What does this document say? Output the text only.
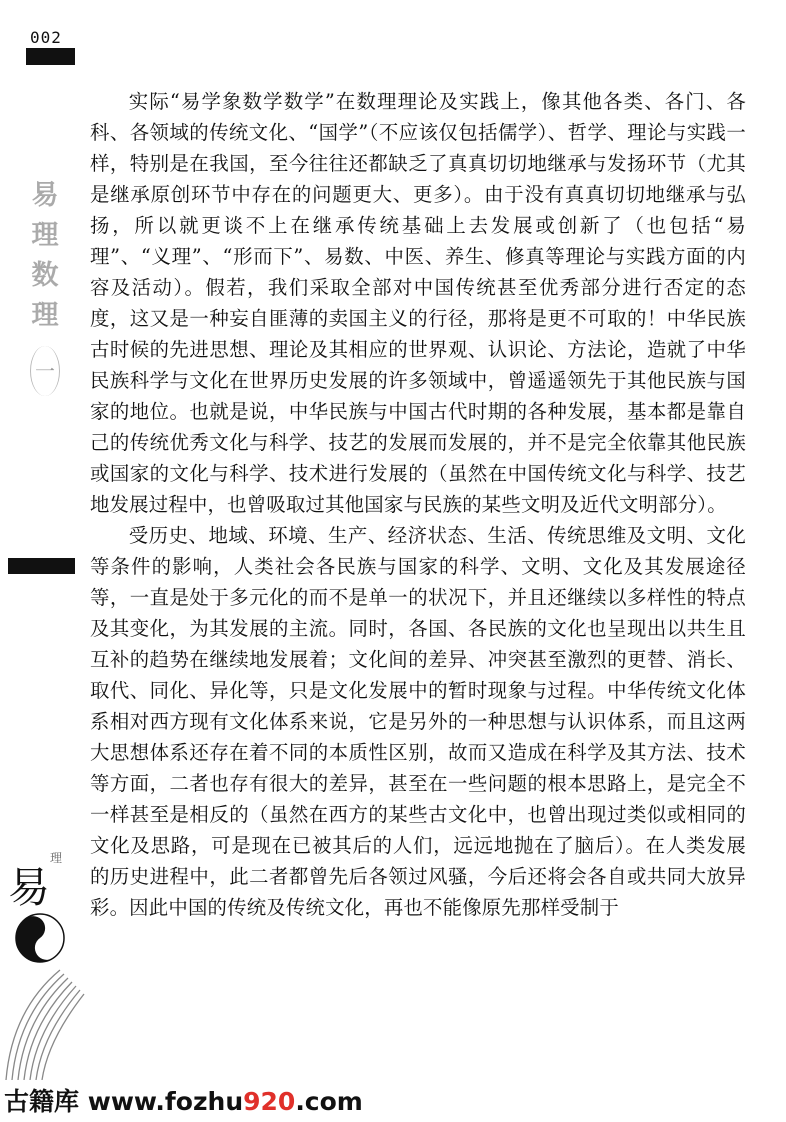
002
易
理
数
理
一

实际“易学象数学数学”在数理理论及实践上，像其他各类、各门、各科、各领域的传统文化、“国学”（不应该仅包括儒学）、哲学、理论与实践一样，特别是在我国，至今往往还都缺乏了真真切切地继承与发扬环节（尤其是继承原创环节中存在的问题更大、更多）。由于没有真真切切地继承与弘扬，所以就更谈不上在继承传统基础上去发展或创新了（也包括“易理”、“义理”、“形而下”、易数、中医、养生、修真等理论与实践方面的内容及活动）。假若，我们采取全部对中国传统甚至优秀部分进行否定的态度，这又是一种妄自匪薄的卖国主义的行径，那将是更不可取的！中华民族古时候的先进思想、理论及其相应的世界观、认识论、方法论，造就了中华民族科学与文化在世界历史发展的许多领域中，曾遥遥领先于其他民族与国家的地位。也就是说，中华民族与中国古代时期的各种发展，基本都是靠自己的传统优秀文化与科学、技艺的发展而发展的，并不是完全依靠其他民族或国家的文化与科学、技术进行发展的（虽然在中国传统文化与科学、技艺地发展过程中，也曾吸取过其他国家与民族的某些文明及近代文明部分）。

受历史、地域、环境、生产、经济状态、生活、传统思维及文明、文化等条件的影响，人类社会各民族与国家的科学、文明、文化及其发展途径等，一直是处于多元化的而不是单一的状况下，并且还继续以多样性的特点及其变化，为其发展的主流。同时，各国、各民族的文化也呈现出以共生且互补的趋势在继续地发展着；文化间的差异、冲突甚至激烈的更替、消长、取代、同化、异化等，只是文化发展中的暂时现象与过程。中华传统文化体系相对西方现有文化体系来说，它是另外的一种思想与认识体系，而且这两大思想体系还存在着不同的本质性区别，故而又造成在科学及其方法、技术等方面，二者也存有很大的差异，甚至在一些问题的根本思路上，是完全不一样甚至是相反的（虽然在西方的某些古文化中，也曾出现过类似或相同的文化及思路，可是现在已被其后的人们，远远地抛在了脑后）。在人类发展的历史进程中，此二者都曾先后各领过风骚，今后还将会各自或共同大放异彩。因此中国的传统及传统文化，再也不能像原先那样受制于

理
易
古籍库 www.fozhu920.com
